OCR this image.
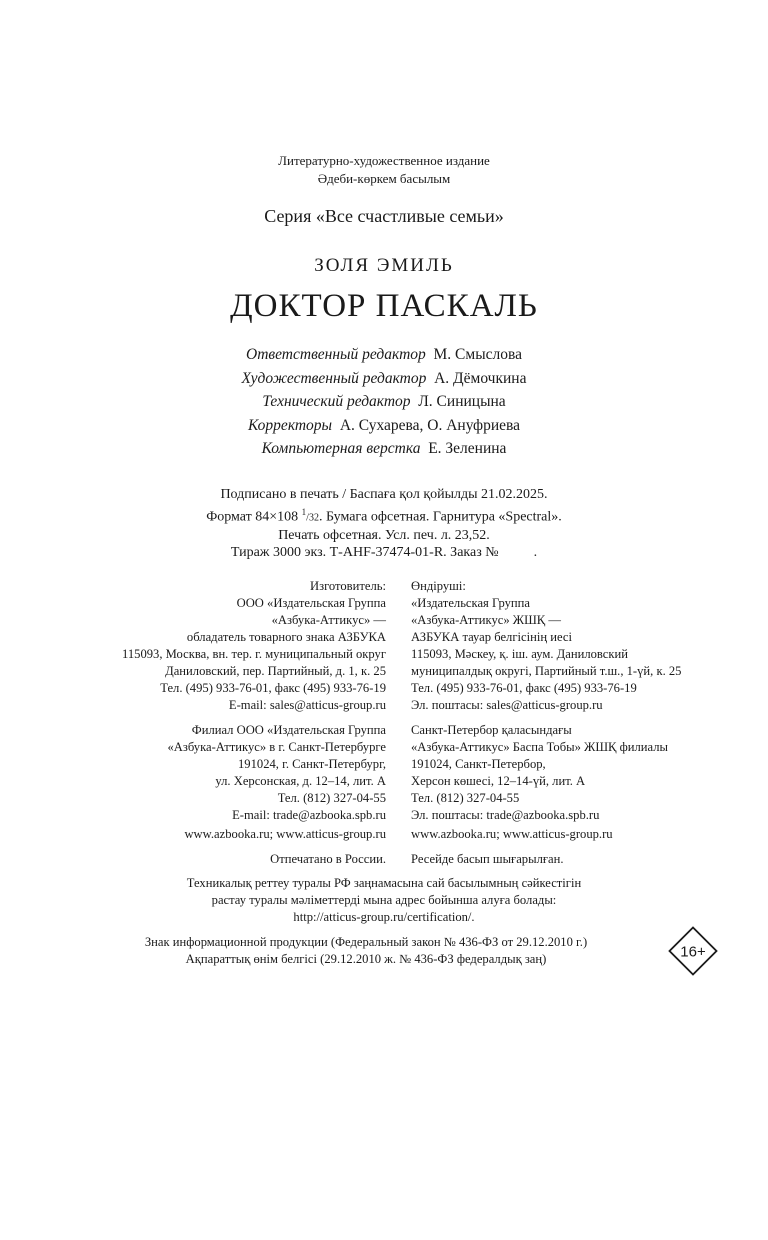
Литературно-художественное издание
Әдеби-көркем басылым
Серия «Все счастливые семьи»
ЗОЛЯ ЭМИЛЬ
ДОКТОР ПАСКАЛЬ
Ответственный редактор М. Смыслова
Художественный редактор А. Дёмочкина
Технический редактор Л. Синицына
Корректоры А. Сухарева, О. Ануфриева
Компьютерная верстка Е. Зеленина
Подписано в печать / Баспаға қол қойылды 21.02.2025.
Формат 84×108 $^1$/32. Бумага офсетная. Гарнитура «Spectral».
Печать офсетная. Усл. печ. л. 23,52.
Тираж 3000 экз. Т-AHF-37474-01-R. Заказ №          .
Изготовитель: Өндіруші:
ООО «Издательская Группа «Издательская Группа
«Азбука-Аттикус» — «Азбука-Аттикус» ЖШҚ —
обладатель товарного знака АЗБУКА АЗБУКА тауар белгісінің иесі
115093, Москва, вн. тер. г. муниципальный округ 115093, Мәскеу, қ. іш. аум. Даниловский
Даниловский, пер. Партийный, д. 1, к. 25 муниципалдық округі, Партийный т.ш., 1-үй, к. 25
Тел. (495) 933-76-01, факс (495) 933-76-19 Тел. (495) 933-76-01, факс (495) 933-76-19
E-mail: sales@atticus-group.ru Эл. поштасы: sales@atticus-group.ru
Филиал ООО «Издательская Группа Санкт-Петербор қаласындағы
«Азбука-Аттикус» в г. Санкт-Петербурге «Азбука-Аттикус» Баспа Тобы» ЖШҚ филиалы
191024, г. Санкт-Петербург, 191024, Санкт-Петербор,
ул. Херсонская, д. 12–14, лит. А Херсон көшесі, 12–14-үй, лит. А
Тел. (812) 327-04-55 Тел. (812) 327-04-55
E-mail: trade@azbooka.spb.ru Эл. поштасы: trade@azbooka.spb.ru
www.azbooka.ru; www.atticus-group.ru www.azbooka.ru; www.atticus-group.ru
Отпечатано в России. Ресейде басып шығарылған.
Техникалық реттеу туралы РФ заңнамасына сай басылымның сәйкестігін
растау туралы мәліметтерді мына адрес бойынша алуға болады:
http://atticus-group.ru/certification/.
Знак информационной продукции (Федеральный закон № 436-ФЗ от 29.12.2010 г.)
Ақпараттық өнім белгісі (29.12.2010 ж. № 436-ФЗ федералдық заң)	16+
